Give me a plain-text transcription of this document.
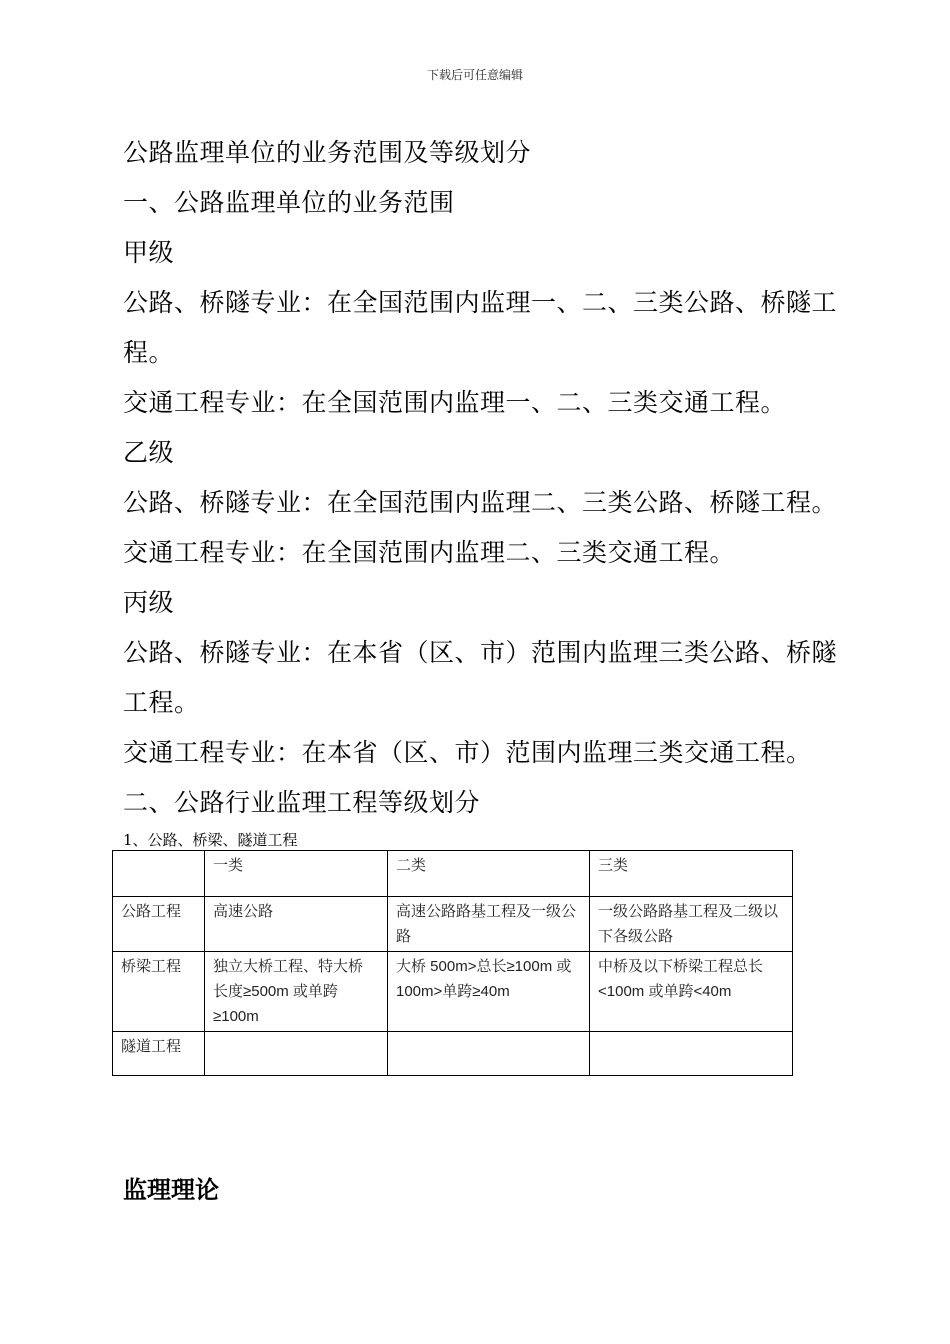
下载后可任意编辑
公路监理单位的业务范围及等级划分
一、公路监理单位的业务范围
甲级
公路、桥隧专业：在全国范围内监理一、二、三类公路、桥隧工程。
交通工程专业：在全国范围内监理一、二、三类交通工程。
乙级
公路、桥隧专业：在全国范围内监理二、三类公路、桥隧工程。
交通工程专业：在全国范围内监理二、三类交通工程。
丙级
公路、桥隧专业：在本省（区、市）范围内监理三类公路、桥隧工程。
交通工程专业：在本省（区、市）范围内监理三类交通工程。
二、公路行业监理工程等级划分
1、公路、桥梁、隧道工程
	一类	二类	三类
公路工程	高速公路	高速公路路基工程及一级公路	一级公路路基工程及二级以下各级公路
桥梁工程	独立大桥工程、特大桥 长度≥500m 或单跨≥100m	大桥 500m>总长≥100m 或 100m>单跨≥40m	中桥及以下桥梁工程总长<100m 或单跨<40m
隧道工程			
监理理论
